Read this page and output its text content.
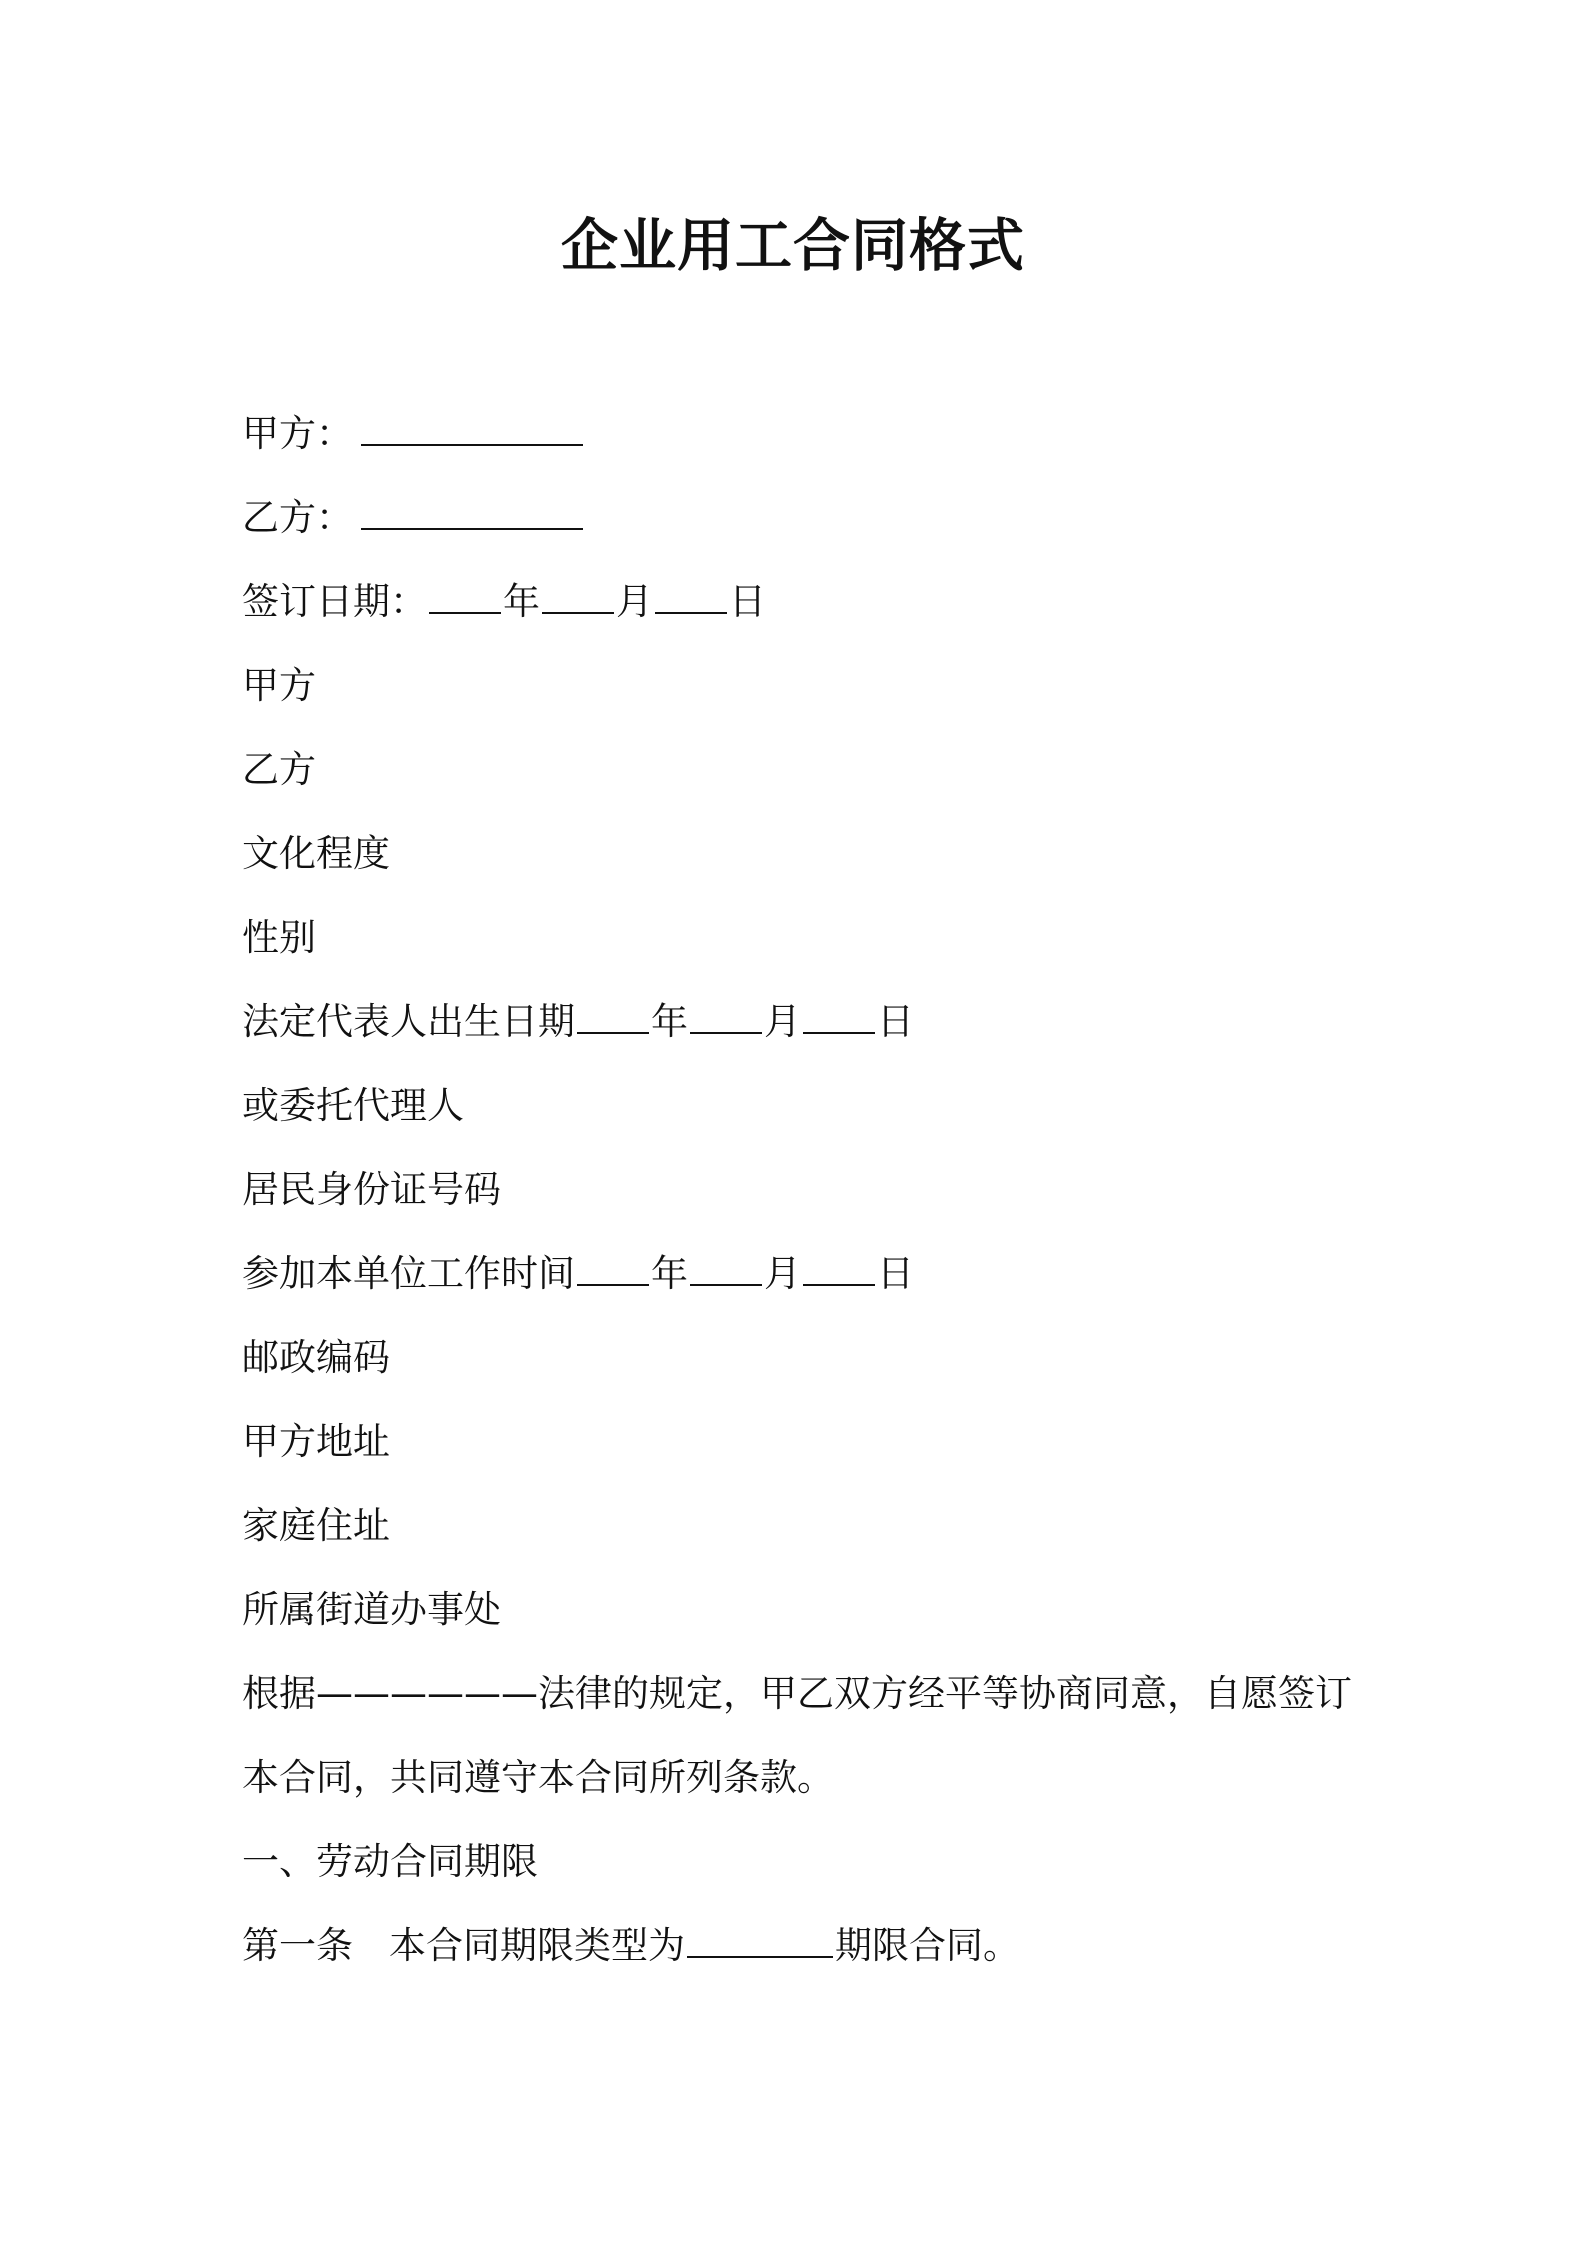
企业用工合同格式

甲方：

乙方：

签订日期： 年 月 日

甲方

乙方

文化程度

性别

法定代表人出生日期 年 月 日

或委托代理人

居民身份证号码

参加本单位工作时间 年 月 日

邮政编码

甲方地址

家庭住址

所属街道办事处

根据——————法律的规定，甲乙双方经平等协商同意，自愿签订

本合同，共同遵守本合同所列条款。

一、劳动合同期限

第一条 本合同期限类型为	期限合同。
